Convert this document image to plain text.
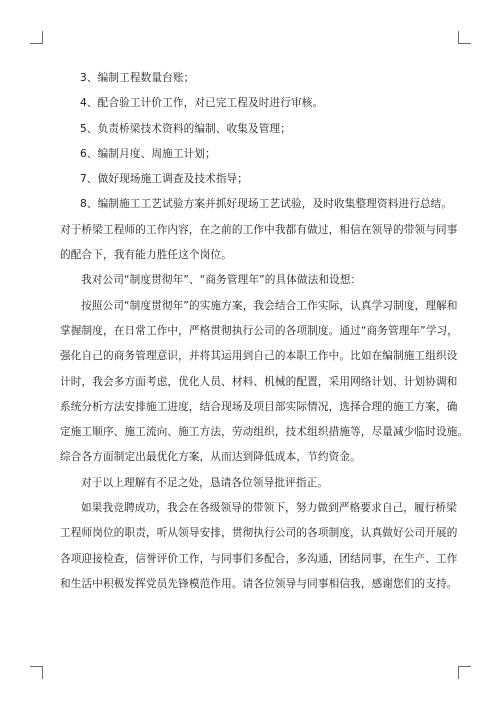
3、编制工程数量台账；
4、配合验工计价工作，对已完工程及时进行审核。
5、负责桥梁技术资料的编制、收集及管理；
6、编制月度、周施工计划；
7、做好现场施工调查及技术指导；
8、编制施工工艺试验方案并抓好现场工艺试验，及时收集整理资料进行总结。
对于桥梁工程师的工作内容，在之前的工作中我都有做过，相信在领导的带领与同事
的配合下，我有能力胜任这个岗位。
我对公司“制度贯彻年”、“商务管理年”的具体做法和设想：
按照公司“制度贯彻年”的实施方案，我会结合工作实际，认真学习制度，理解和
掌握制度，在日常工作中，严格贯彻执行公司的各项制度。通过“商务管理年”学习，
强化自己的商务管理意识，并将其运用到自己的本职工作中。比如在编制施工组织设
计时，我会多方面考虑，优化人员、材料、机械的配置，采用网络计划、计划协调和
系统分析方法安排施工进度，结合现场及项目部实际情况，选择合理的施工方案，确
定施工顺序、施工流向、施工方法，劳动组织，技术组织措施等，尽量减少临时设施。
综合各方面制定出最优化方案，从而达到降低成本，节约资金。
对于以上理解有不足之处，恳请各位领导批评指正。
如果我竞聘成功，我会在各级领导的带领下，努力做到严格要求自己，履行桥梁
工程师岗位的职责，听从领导安排，贯彻执行公司的各项制度，认真做好公司开展的
各项迎接检查，信誉评价工作，与同事们多配合，多沟通，团结同事，在生产、工作
和生活中积极发挥党员先锋模范作用。请各位领导与同事相信我，感谢您们的支持。
